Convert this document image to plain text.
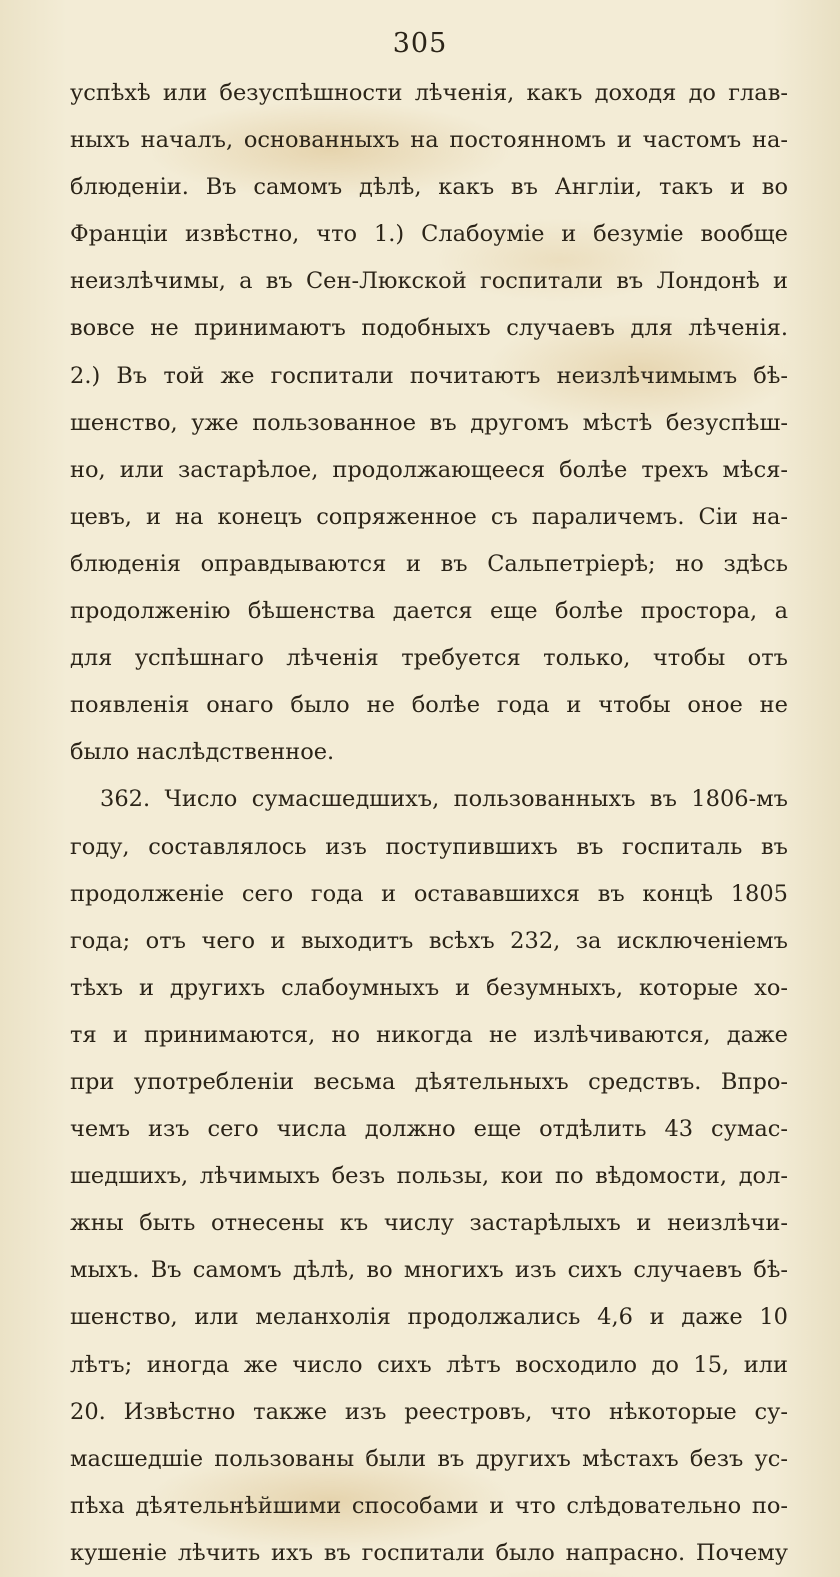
305
успѣхѣ или безуспѣшности лѣченія, какъ доходя до глав-
ныхъ началъ, основанныхъ на постоянномъ и частомъ на-
блюденіи. Въ самомъ дѣлѣ, какъ въ Англіи, такъ и во
Франціи извѣстно, что 1.) Слабоуміе и безуміе вообще
неизлѣчимы, а въ Сен-Люкской госпитали въ Лондонѣ и
вовсе не принимаютъ подобныхъ случаевъ для лѣченія.
2.) Въ той же госпитали почитаютъ неизлѣчимымъ бѣ-
шенство, уже пользованное въ другомъ мѣстѣ безуспѣш-
но, или застарѣлое, продолжающееся болѣе трехъ мѣся-
цевъ, и на конецъ сопряженное съ параличемъ. Сіи на-
блюденія оправдываются и въ Сальпетріерѣ; но здѣсь
продолженію бѣшенства дается еще болѣе простора, а
для успѣшнаго лѣченія требуется только, чтобы отъ
появленія онаго было не болѣе года и чтобы оное не
было наслѣдственное.
362. Число сумасшедшихъ, пользованныхъ въ 1806-мъ
году, составлялось изъ поступившихъ въ госпиталь въ
продолженіе сего года и остававшихся въ концѣ 1805
года; отъ чего и выходитъ всѣхъ 232, за исключеніемъ
тѣхъ и другихъ слабоумныхъ и безумныхъ, которые хо-
тя и принимаются, но никогда не излѣчиваются, даже
при употребленіи весьма дѣятельныхъ средствъ. Впро-
чемъ изъ сего числа должно еще отдѣлить 43 сумас-
шедшихъ, лѣчимыхъ безъ пользы, кои по вѣдомости, дол-
жны быть отнесены къ числу застарѣлыхъ и неизлѣчи-
мыхъ. Въ самомъ дѣлѣ, во многихъ изъ сихъ случаевъ бѣ-
шенство, или меланхолія продолжались 4,6 и даже 10
лѣтъ; иногда же число сихъ лѣтъ восходило до 15, или
20. Извѣстно также изъ реестровъ, что нѣкоторые су-
масшедшіе пользованы были въ другихъ мѣстахъ безъ ус-
пѣха дѣятельнѣйшими способами и что слѣдовательно по-
кушеніе лѣчить ихъ въ госпитали было напрасно. Почему
